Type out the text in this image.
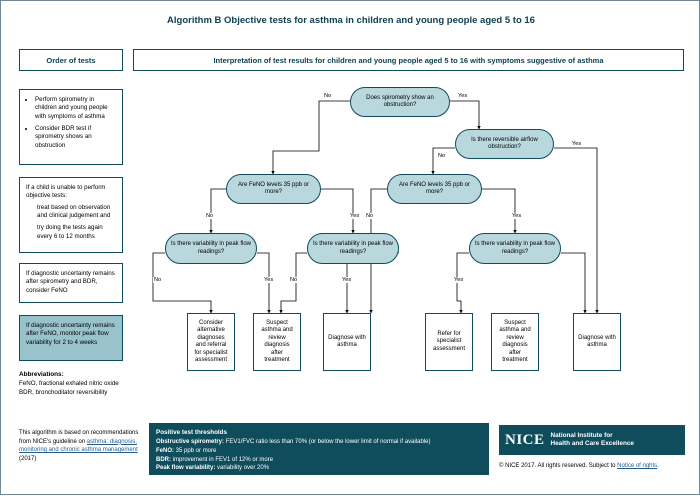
Algorithm B Objective tests for asthma in children and young people aged 5 to 16
Order of tests	Interpretation of test results for children and young people aged 5 to 16 with symptoms suggestive of asthma
• Perform spirometry in children and young people with symptoms of asthma
• Consider BDR test if spirometry shows an obstruction
If a child is unable to perform objective tests:
treat based on observation and clinical judgement and
try doing the tests again every 6 to 12 months
If diagnostic uncertainty remains after spirometry and BDR, consider FeNO
If diagnostic uncertainty remains after FeNO, monitor peak flow variability for 2 to 4 weeks
Abbreviations:
FeNO, fractional exhaled nitric oxide
BDR, bronchodilator reversibility
This algorithm is based on recommendations from NICE's guideline on asthma: diagnosis, monitoring and chronic asthma management (2017)
Positive test thresholds
Obstructive spirometry: FEV1/FVC ratio less than 70% (or below the lower limit of normal if available)
FeNO: 35 ppb or more
BDR: improvement in FEV1 of 12% or more
Peak flow variability: variability over 20%
NICE National Institute for
Health and Care Excellence
© NICE 2017. All rights reserved. Subject to Notice of rights.
No	Yes
No
Yes
No	Yes No	Yes
No	Yes	No	Yes	Yes
Does spirometry show an obstruction?
Is there reversible airflow obstruction?
Are FeNO levels 35 ppb or more?
Are FeNO levels 35 ppb or more?
Is there variability in peak flow readings?
Is there variability in peak flow readings?
Is there variability in peak flow readings?
Consider alternative diagnoses and referral for specialist assessment
Suspect asthma and review diagnosis after treatment
Diagnose with asthma
Refer for specialist assessment
Suspect asthma and review diagnosis after treatment
Diagnose with asthma
